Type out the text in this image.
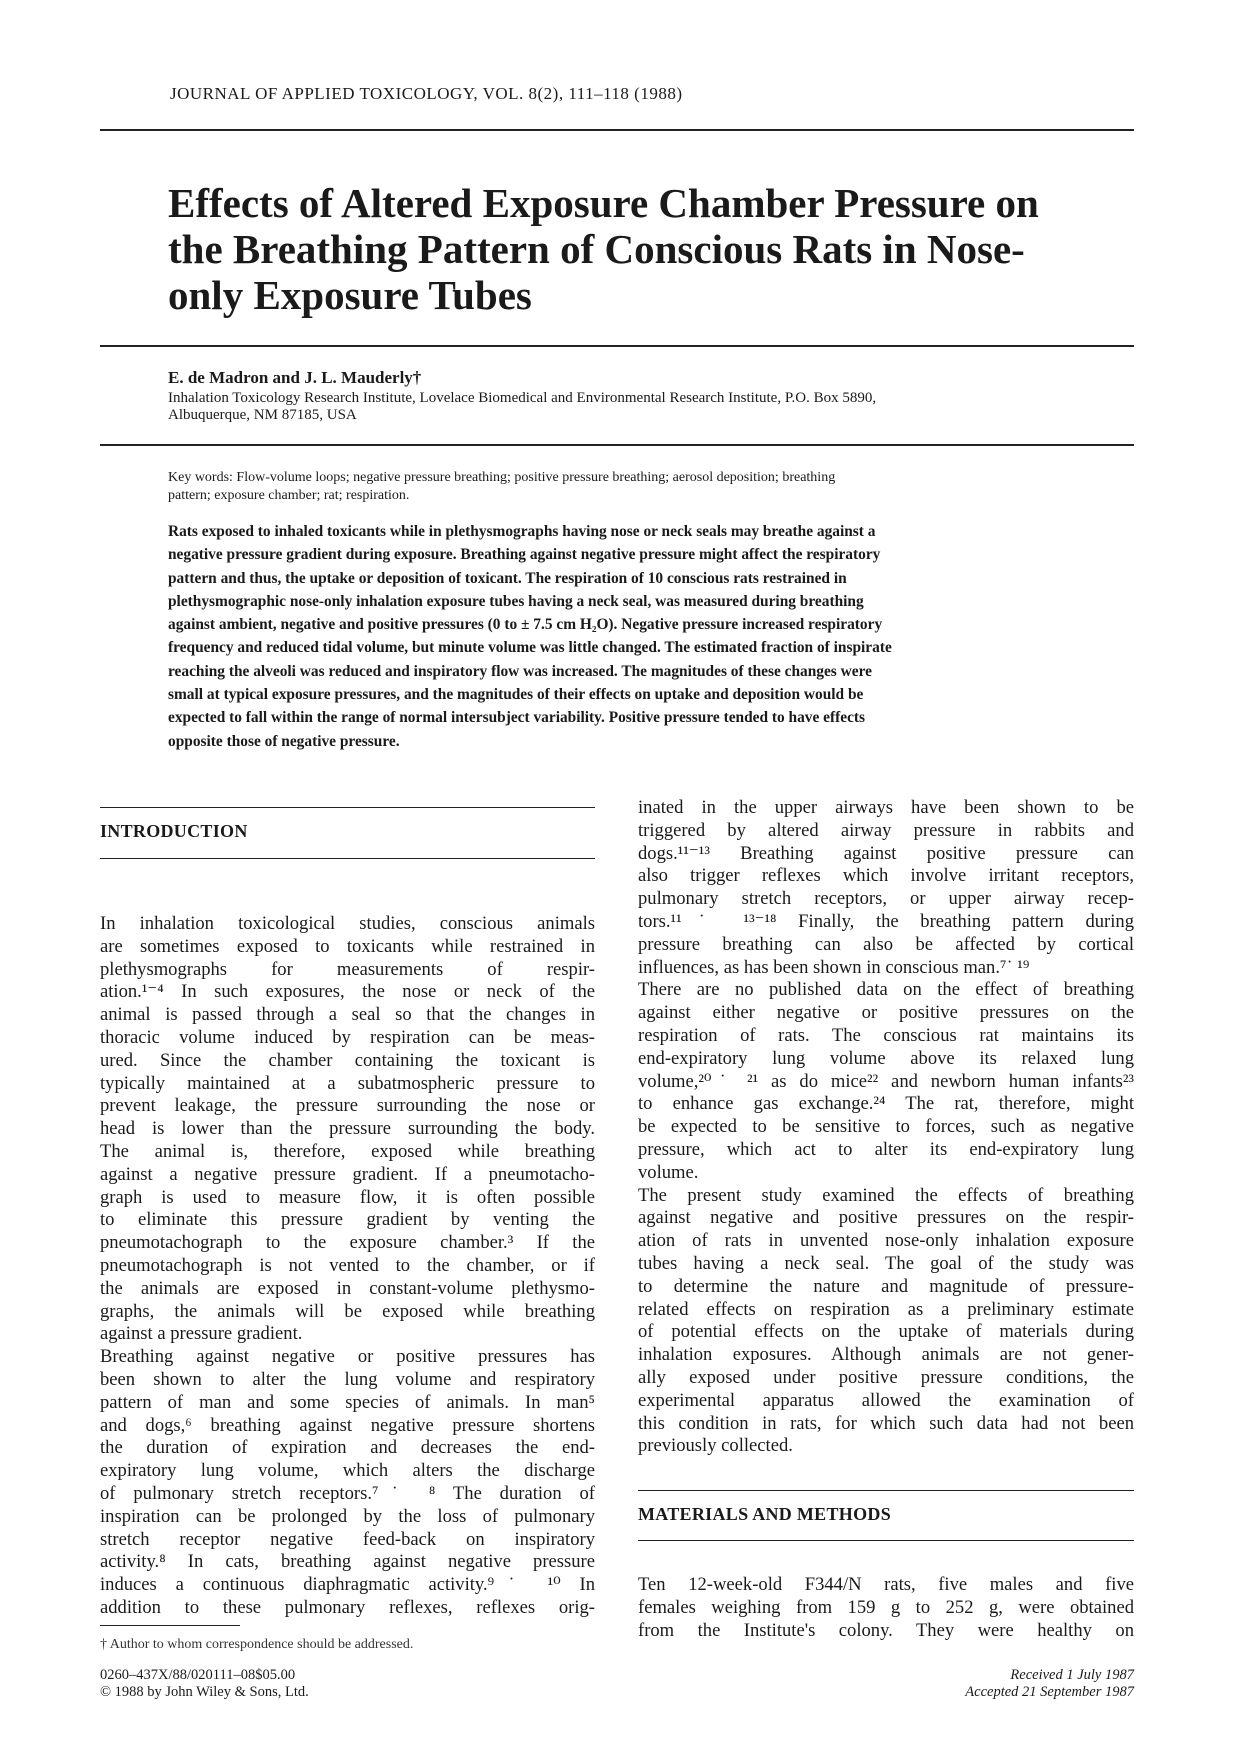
JOURNAL OF APPLIED TOXICOLOGY, VOL. 8(2), 111–118 (1988)
Effects of Altered Exposure Chamber Pressure on
the Breathing Pattern of Conscious Rats in Nose-
only Exposure Tubes
E. de Madron and J. L. Mauderly†
Inhalation Toxicology Research Institute, Lovelace Biomedical and Environmental Research Institute, P.O. Box 5890,
Albuquerque, NM 87185, USA
Key words: Flow-volume loops; negative pressure breathing; positive pressure breathing; aerosol deposition; breathing
pattern; exposure chamber; rat; respiration.
Rats exposed to inhaled toxicants while in plethysmographs having nose or neck seals may breathe against a
negative pressure gradient during exposure. Breathing against negative pressure might affect the respiratory
pattern and thus, the uptake or deposition of toxicant. The respiration of 10 conscious rats restrained in
plethysmographic nose-only inhalation exposure tubes having a neck seal, was measured during breathing
against ambient, negative and positive pressures (0 to ± 7.5 cm H₂O). Negative pressure increased respiratory
frequency and reduced tidal volume, but minute volume was little changed. The estimated fraction of inspirate
reaching the alveoli was reduced and inspiratory flow was increased. The magnitudes of these changes were
small at typical exposure pressures, and the magnitudes of their effects on uptake and deposition would be
expected to fall within the range of normal intersubject variability. Positive pressure tended to have effects
opposite those of negative pressure.
INTRODUCTION
In inhalation toxicological studies, conscious animals
are sometimes exposed to toxicants while restrained in
plethysmographs for measurements of respir-
ation.¹⁻⁴ In such exposures, the nose or neck of the
animal is passed through a seal so that the changes in
thoracic volume induced by respiration can be meas-
ured. Since the chamber containing the toxicant is
typically maintained at a subatmospheric pressure to
prevent leakage, the pressure surrounding the nose or
head is lower than the pressure surrounding the body.
The animal is, therefore, exposed while breathing
against a negative pressure gradient. If a pneumotacho-
graph is used to measure flow, it is often possible
to eliminate this pressure gradient by venting the
pneumotachograph to the exposure chamber.³ If the
pneumotachograph is not vented to the chamber, or if
the animals are exposed in constant-volume plethysmo-
graphs, the animals will be exposed while breathing
against a pressure gradient.
Breathing against negative or positive pressures has
been shown to alter the lung volume and respiratory
pattern of man and some species of animals. In man⁵
and dogs,⁶ breathing against negative pressure shortens
the duration of expiration and decreases the end-
expiratory lung volume, which alters the discharge
of pulmonary stretch receptors.⁷˙ ⁸ The duration of
inspiration can be prolonged by the loss of pulmonary
stretch receptor negative feed-back on inspiratory
activity.⁸ In cats, breathing against negative pressure
induces a continuous diaphragmatic activity.⁹˙ ¹⁰ In
addition to these pulmonary reflexes, reflexes orig-
inated in the upper airways have been shown to be
triggered by altered airway pressure in rabbits and
dogs.¹¹⁻¹³ Breathing against positive pressure can
also trigger reflexes which involve irritant receptors,
pulmonary stretch receptors, or upper airway recep-
tors.¹¹˙ ¹³⁻¹⁸ Finally, the breathing pattern during
pressure breathing can also be affected by cortical
influences, as has been shown in conscious man.⁷˙ ¹⁹
There are no published data on the effect of breathing
against either negative or positive pressures on the
respiration of rats. The conscious rat maintains its
end-expiratory lung volume above its relaxed lung
volume,²⁰˙ ²¹ as do mice²² and newborn human infants²³
to enhance gas exchange.²⁴ The rat, therefore, might
be expected to be sensitive to forces, such as negative
pressure, which act to alter its end-expiratory lung
volume.
The present study examined the effects of breathing
against negative and positive pressures on the respir-
ation of rats in unvented nose-only inhalation exposure
tubes having a neck seal. The goal of the study was
to determine the nature and magnitude of pressure-
related effects on respiration as a preliminary estimate
of potential effects on the uptake of materials during
inhalation exposures. Although animals are not gener-
ally exposed under positive pressure conditions, the
experimental apparatus allowed the examination of
this condition in rats, for which such data had not been
previously collected.
MATERIALS AND METHODS
Ten 12-week-old F344/N rats, five males and five
females weighing from 159 g to 252 g, were obtained
from the Institute's colony. They were healthy on
† Author to whom correspondence should be addressed.
0260–437X/88/020111–08$05.00
© 1988 by John Wiley & Sons, Ltd.
Received 1 July 1987
Accepted 21 September 1987
